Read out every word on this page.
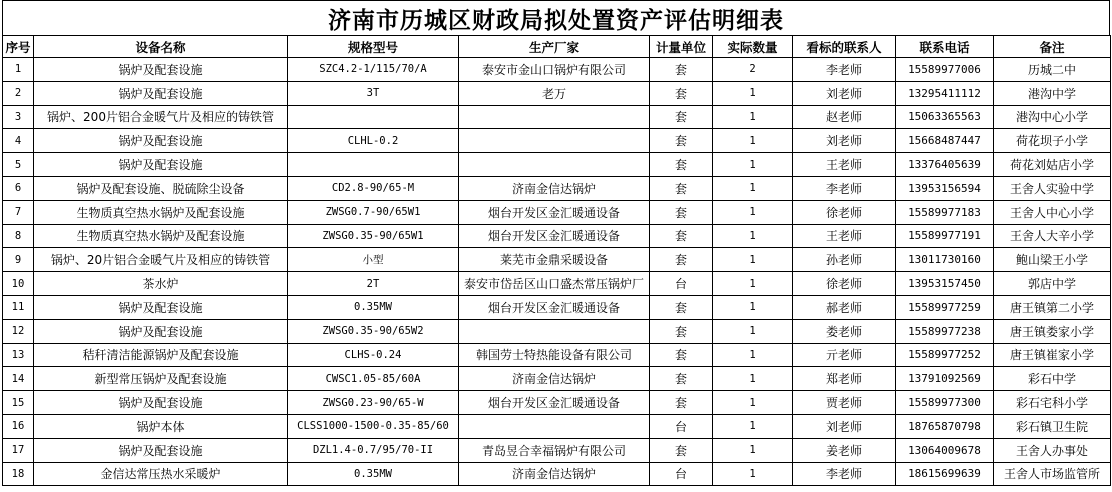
济南市历城区财政局拟处置资产评估明细表
序号	设备名称	规格型号	生产厂家	计量单位	实际数量	看标的联系人	联系电话	备注
1	锅炉及配套设施	SZC4.2-1/115/70/A	泰安市金山口锅炉有限公司	套	2	李老师	15589977006	历城二中
2	锅炉及配套设施	3T	老万	套	1	刘老师	13295411112	港沟中学
3	锅炉、200片铝合金暖气片及相应的铸铁管			套	1	赵老师	15063365563	港沟中心小学
4	锅炉及配套设施	CLHL-0.2		套	1	刘老师	15668487447	荷花坝子小学
5	锅炉及配套设施			套	1	王老师	13376405639	荷花刘姑店小学
6	锅炉及配套设施、脱硫除尘设备	CD2.8-90/65-M	济南金信达锅炉	套	1	李老师	13953156594	王舍人实验中学
7	生物质真空热水锅炉及配套设施	ZWSG0.7-90/65W1	烟台开发区金汇暖通设备	套	1	徐老师	15589977183	王舍人中心小学
8	生物质真空热水锅炉及配套设施	ZWSG0.35-90/65W1	烟台开发区金汇暖通设备	套	1	王老师	15589977191	王舍人大辛小学
9	锅炉、20片铝合金暖气片及相应的铸铁管	小型	莱芜市金鼎采暖设备	套	1	孙老师	13011730160	鲍山梁王小学
10	茶水炉	2T	泰安市岱岳区山口盛杰常压锅炉厂	台	1	徐老师	13953157450	郭店中学
11	锅炉及配套设施	0.35MW	烟台开发区金汇暖通设备	套	1	郝老师	15589977259	唐王镇第二小学
12	锅炉及配套设施	ZWSG0.35-90/65W2		套	1	娄老师	15589977238	唐王镇娄家小学
13	秸秆清洁能源锅炉及配套设施	CLHS-0.24	韩国劳士特热能设备有限公司	套	1	亓老师	15589977252	唐王镇崔家小学
14	新型常压锅炉及配套设施	CWSC1.05-85/60A	济南金信达锅炉	套	1	郑老师	13791092569	彩石中学
15	锅炉及配套设施	ZWSG0.23-90/65-W	烟台开发区金汇暖通设备	套	1	贾老师	15589977300	彩石宅科小学
16	锅炉本体	CLSS1000-1500-0.35-85/60		台	1	刘老师	18765870798	彩石镇卫生院
17	锅炉及配套设施	DZL1.4-0.7/95/70-II	青岛昱合幸福锅炉有限公司	套	1	姜老师	13064009678	王舍人办事处
18	金信达常压热水采暖炉	0.35MW	济南金信达锅炉	台	1	李老师	18615699639	王舍人市场监管所
